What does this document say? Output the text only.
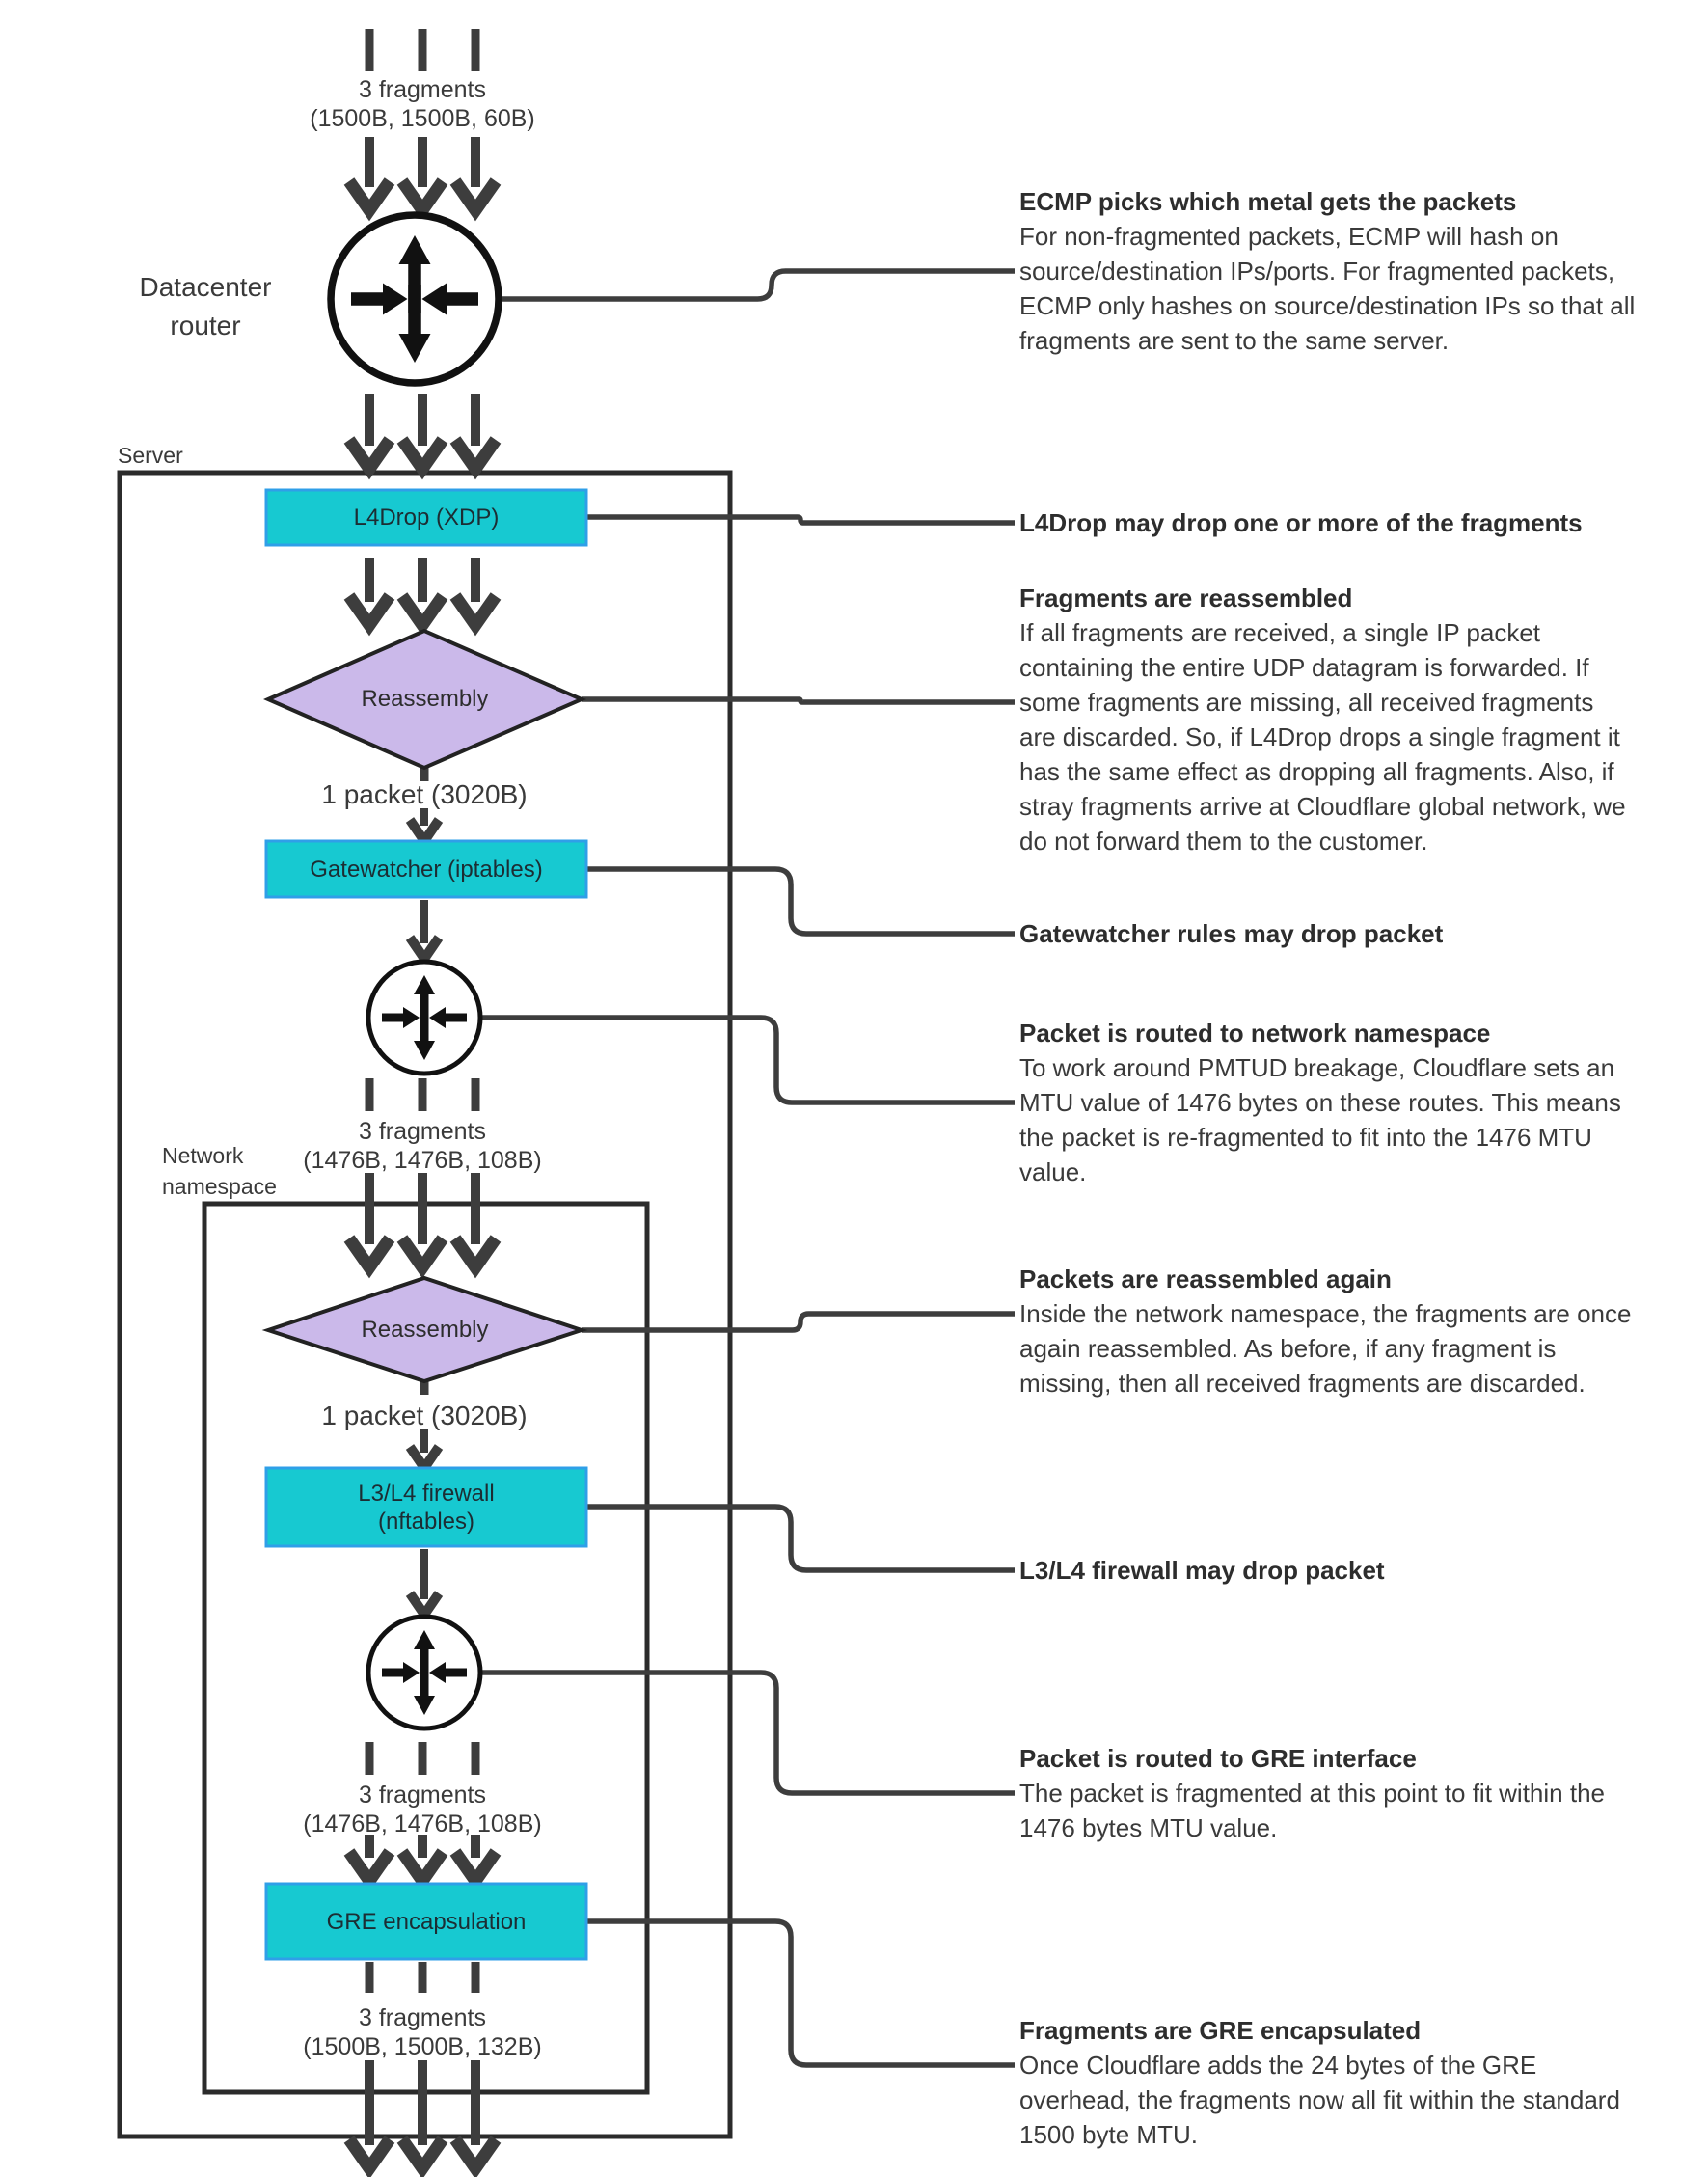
3 fragments
(1500B, 1500B, 60B)
Datacenter router
Server
L4Drop (XDP)
Reassembly
1 packet (3020B)
Gatewatcher (iptables)
3 fragments
(1476B, 1476B, 108B)
Network namespace
Reassembly
1 packet (3020B)
L3/L4 firewall
(nftables)
3 fragments
(1476B, 1476B, 108B)
GRE encapsulation
3 fragments
(1500B, 1500B, 132B)
ECMP picks which metal gets the packets
For non-fragmented packets, ECMP will hash on
source/destination IPs/ports. For fragmented packets,
ECMP only hashes on source/destination IPs so that all
fragments are sent to the same server.
L4Drop may drop one or more of the fragments
Fragments are reassembled
If all fragments are received, a single IP packet
containing the entire UDP datagram is forwarded. If
some fragments are missing, all received fragments
are discarded. So, if L4Drop drops a single fragment it
has the same effect as dropping all fragments. Also, if
stray fragments arrive at Cloudflare global network, we
do not forward them to the customer.
Gatewatcher rules may drop packet
Packet is routed to network namespace
To work around PMTUD breakage, Cloudflare sets an
MTU value of 1476 bytes on these routes. This means
the packet is re-fragmented to fit into the 1476 MTU
value.
Packets are reassembled again
Inside the network namespace, the fragments are once
again reassembled. As before, if any fragment is
missing, then all received fragments are discarded.
L3/L4 firewall may drop packet
Packet is routed to GRE interface
The packet is fragmented at this point to fit within the
1476 bytes MTU value.
Fragments are GRE encapsulated
Once Cloudflare adds the 24 bytes of the GRE
overhead, the fragments now all fit within the standard
1500 byte MTU.
